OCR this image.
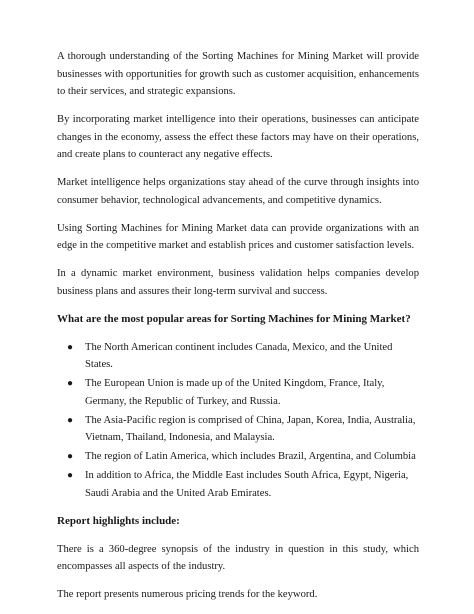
A thorough understanding of the Sorting Machines for Mining Market will provide businesses with opportunities for growth such as customer acquisition, enhancements to their services, and strategic expansions.

By incorporating market intelligence into their operations, businesses can anticipate changes in the economy, assess the effect these factors may have on their operations, and create plans to counteract any negative effects.

Market intelligence helps organizations stay ahead of the curve through insights into consumer behavior, technological advancements, and competitive dynamics.

Using Sorting Machines for Mining Market data can provide organizations with an edge in the competitive market and establish prices and customer satisfaction levels.

In a dynamic market environment, business validation helps companies develop business plans and assures their long-term survival and success.

What are the most popular areas for Sorting Machines for Mining Market?

● The North American continent includes Canada, Mexico, and the United States.
● The European Union is made up of the United Kingdom, France, Italy, Germany, the Republic of Turkey, and Russia.
● The Asia-Pacific region is comprised of China, Japan, Korea, India, Australia, Vietnam, Thailand, Indonesia, and Malaysia.
● The region of Latin America, which includes Brazil, Argentina, and Columbia
● In addition to Africa, the Middle East includes South Africa, Egypt, Nigeria, Saudi Arabia and the United Arab Emirates.

Report highlights include:

There is a 360-degree synopsis of the industry in question in this study, which encompasses all aspects of the industry.

The report presents numerous pricing trends for the keyword.
